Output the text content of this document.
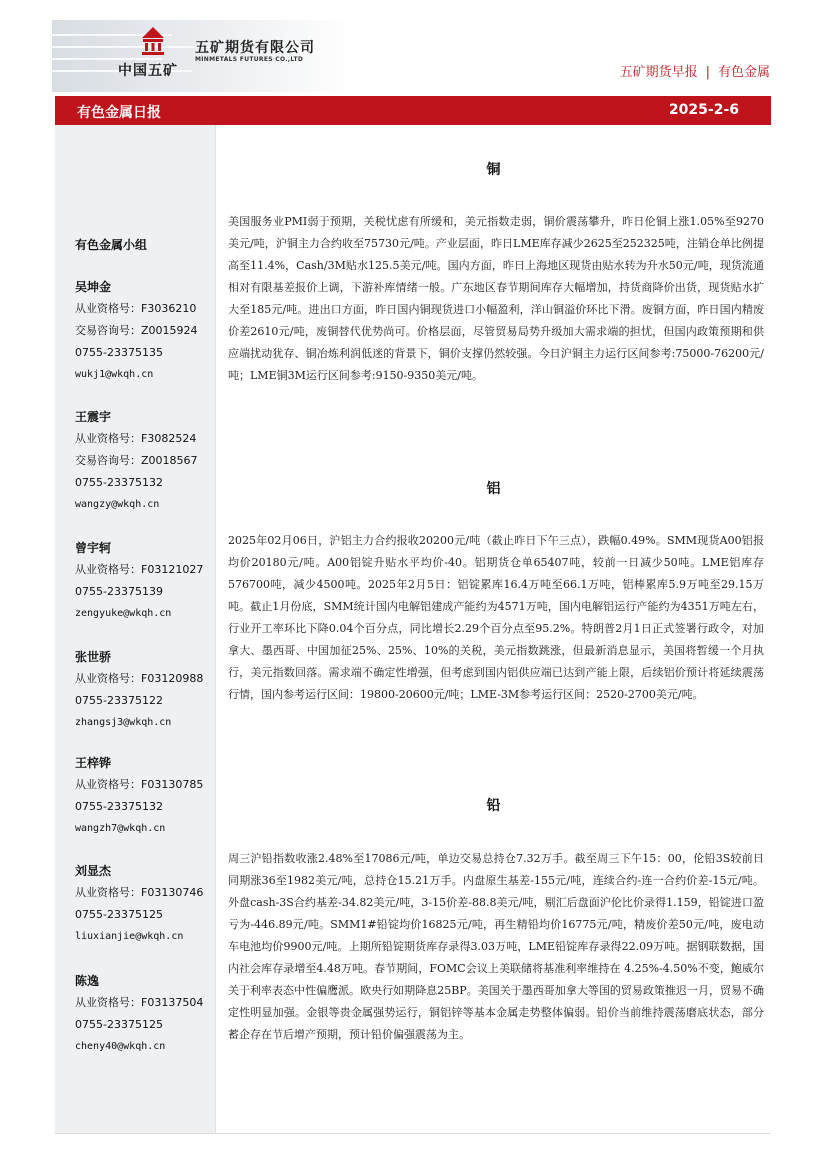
中国五矿
五矿期货有限公司
MINMETALS FUTURES CO.,LTD
五矿期货早报 | 有色金属
有色金属日报	2025-2-6
有色金属小组
吴坤金
从业资格号：F3036210
交易咨询号：Z0015924
0755-23375135
wukj1@wkqh.cn
王震宇
从业资格号：F3082524
交易咨询号：Z0018567
0755-23375132
wangzy@wkqh.cn
曾宇轲
从业资格号：F03121027
0755-23375139
zengyuke@wkqh.cn
张世骄
从业资格号：F03120988
0755-23375122
zhangsj3@wkqh.cn
王梓铧
从业资格号：F03130785
0755-23375132
wangzh7@wkqh.cn
刘显杰
从业资格号：F03130746
0755-23375125
liuxianjie@wkqh.cn
陈逸
从业资格号：F03137504
0755-23375125
cheny40@wkqh.cn
铜

美国服务业PMI弱于预期，关税忧虑有所缓和，美元指数走弱，铜价震荡攀升，昨日伦铜上涨1.05%至9270美元/吨，沪铜主力合约收至75730元/吨。产业层面，昨日LME库存减少2625至252325吨，注销仓单比例提高至11.4%，Cash/3M贴水125.5美元/吨。国内方面，昨日上海地区现货由贴水转为升水50元/吨，现货流通相对有限基差报价上调，下游补库情绪一般。广东地区春节期间库存大幅增加，持货商降价出货，现货贴水扩大至185元/吨。进出口方面，昨日国内铜现货进口小幅盈利，洋山铜溢价环比下滑。废铜方面，昨日国内精废价差2610元/吨，废铜替代优势尚可。价格层面，尽管贸易局势升级加大需求端的担忧，但国内政策预期和供应端扰动犹存、铜冶炼利润低迷的背景下，铜价支撑仍然较强。今日沪铜主力运行区间参考:75000-76200元/吨；LME铜3M运行区间参考:9150-9350美元/吨。

铝

2025年02月06日，沪铝主力合约报收20200元/吨（截止昨日下午三点），跌幅0.49%。SMM现货A00铝报均价20180元/吨。A00铝锭升贴水平均价-40。铝期货仓单65407吨，较前一日减少50吨。LME铝库存576700吨，减少4500吨。2025年2月5日：铝锭累库16.4万吨至66.1万吨，铝棒累库5.9万吨至29.15万吨。截止1月份底，SMM统计国内电解铝建成产能约为4571万吨，国内电解铝运行产能约为4351万吨左右，行业开工率环比下降0.04个百分点，同比增长2.29个百分点至95.2%。特朗普2月1日正式签署行政令，对加拿大、墨西哥、中国加征25%、25%、10%的关税，美元指数跳涨，但最新消息显示，美国将暂缓一个月执行，美元指数回落。需求端不确定性增强，但考虑到国内铝供应端已达到产能上限，后续铝价预计将延续震荡行情，国内参考运行区间：19800-20600元/吨；LME-3M参考运行区间：2520-2700美元/吨。

铅

周三沪铅指数收涨2.48%至17086元/吨，单边交易总持仓7.32万手。截至周三下午15：00，伦铅3S较前日同期涨36至1982美元/吨，总持仓15.21万手。内盘原生基差-155元/吨，连续合约-连一合约价差-15元/吨。外盘cash-3S合约基差-34.82美元/吨，3-15价差-88.8美元/吨，剔汇后盘面沪伦比价录得1.159，铅锭进口盈亏为-446.89元/吨。SMM1#铅锭均价16825元/吨，再生精铅均价16775元/吨，精废价差50元/吨，废电动车电池均价9900元/吨。上期所铅锭期货库存录得3.03万吨，LME铅锭库存录得22.09万吨。据钢联数据，国内社会库存录增至4.48万吨。春节期间，FOMC会议上美联储将基准利率维持在 4.25%-4.50%不变，鲍威尔关于利率表态中性偏鹰派。欧央行如期降息25BP。美国关于墨西哥加拿大等国的贸易政策推迟一月，贸易不确定性明显加强。金银等贵金属强势运行，铜铝锌等基本金属走势整体偏弱。铅价当前维持震荡磨底状态，部分蓄企存在节后增产预期，预计铅价偏强震荡为主。
